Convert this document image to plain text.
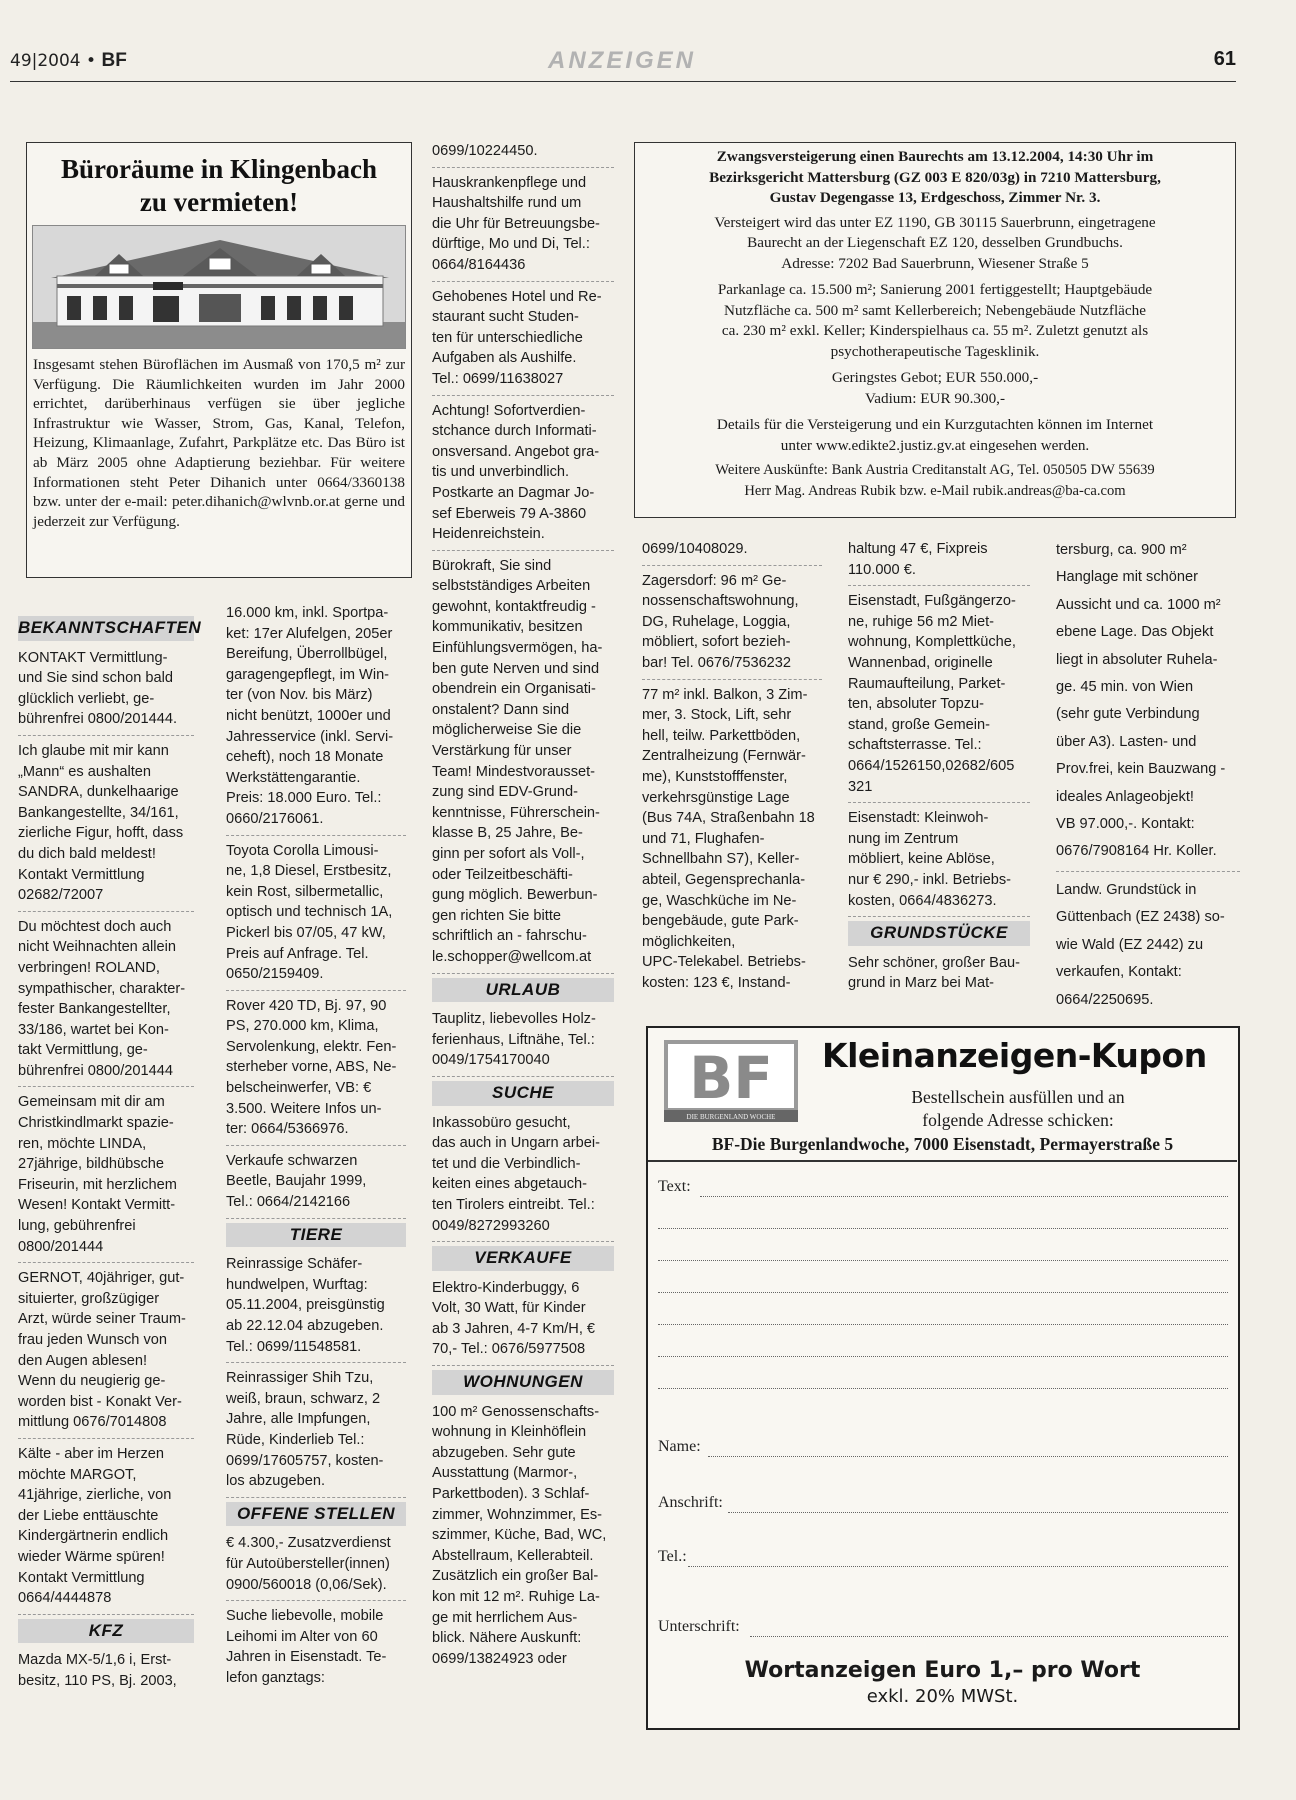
49|2004 • BF	ANZEIGEN	61
Büroräume in Klingenbach
zu vermieten!
Insgesamt stehen Büroflächen im Ausmaß von 170,5 m² zur Verfügung. Die Räumlichkeiten wurden im Jahr 2000 errichtet, darüberhinaus verfügen sie über jegliche Infrastruktur wie Wasser, Strom, Gas, Kanal, Telefon, Heizung, Klimaanlage, Zufahrt, Parkplätze etc. Das Büro ist ab März 2005 ohne Adaptierung beziehbar. Für weitere Informationen steht Peter Dihanich unter 0664/3360138 bzw. unter der e-mail: peter.dihanich@wlvnb.or.at gerne und jederzeit zur Verfügung.
BEKANNTSCHAFTEN
KONTAKT Vermittlung-
und Sie sind schon bald
glücklich verliebt, ge-
bührenfrei 0800/201444.
Ich glaube mit mir kann
„Mann“ es aushalten
SANDRA, dunkelhaarige
Bankangestellte, 34/161,
zierliche Figur, hofft, dass
du dich bald meldest!
Kontakt Vermittlung
02682/72007
Du möchtest doch auch
nicht Weihnachten allein
verbringen! ROLAND,
sympathischer, charakter-
fester Bankangestellter,
33/186, wartet bei Kon-
takt Vermittlung, ge-
bührenfrei 0800/201444
Gemeinsam mit dir am
Christkindlmarkt spazie-
ren, möchte LINDA,
27jährige, bildhübsche
Friseurin, mit herzlichem
Wesen! Kontakt Vermitt-
lung, gebührenfrei
0800/201444
GERNOT, 40jähriger, gut-
situierter, großzügiger
Arzt, würde seiner Traum-
frau jeden Wunsch von
den Augen ablesen!
Wenn du neugierig ge-
worden bist - Konakt Ver-
mittlung 0676/7014808
Kälte - aber im Herzen
möchte MARGOT,
41jährige, zierliche, von
der Liebe enttäuschte
Kindergärtnerin endlich
wieder Wärme spüren!
Kontakt Vermittlung
0664/4444878
KFZ
Mazda MX-5/1,6 i, Erst-
besitz, 110 PS, Bj. 2003,
16.000 km, inkl. Sportpa-
ket: 17er Alufelgen, 205er
Bereifung, Überrollbügel,
garagengepflegt, im Win-
ter (von Nov. bis März)
nicht benützt, 1000er und
Jahresservice (inkl. Servi-
ceheft), noch 18 Monate
Werkstättengarantie.
Preis: 18.000 Euro. Tel.:
0660/2176061.
Toyota Corolla Limousi-
ne, 1,8 Diesel, Erstbesitz,
kein Rost, silbermetallic,
optisch und technisch 1A,
Pickerl bis 07/05, 47 kW,
Preis auf Anfrage. Tel.
0650/2159409.
Rover 420 TD, Bj. 97, 90
PS, 270.000 km, Klima,
Servolenkung, elektr. Fen-
sterheber vorne, ABS, Ne-
belscheinwerfer, VB: €
3.500. Weitere Infos un-
ter: 0664/5366976.
Verkaufe schwarzen
Beetle, Baujahr 1999,
Tel.: 0664/2142166
TIERE
Reinrassige Schäfer-
hundwelpen, Wurftag:
05.11.2004, preisgünstig
ab 22.12.04 abzugeben.
Tel.: 0699/11548581.
Reinrassiger Shih Tzu,
weiß, braun, schwarz, 2
Jahre, alle Impfungen,
Rüde, Kinderlieb Tel.:
0699/17605757, kosten-
los abzugeben.
OFFENE STELLEN
€ 4.300,- Zusatzverdienst
für Autoübersteller(innen)
0900/560018 (0,06/Sek).
Suche liebevolle, mobile
Leihomi im Alter von 60
Jahren in Eisenstadt. Te-
lefon ganztags:
0699/10224450.
Hauskrankenpflege und
Haushaltshilfe rund um
die Uhr für Betreuungsbe-
dürftige, Mo und Di, Tel.:
0664/8164436
Gehobenes Hotel und Re-
staurant sucht Studen-
ten für unterschiedliche
Aufgaben als Aushilfe.
Tel.: 0699/11638027
Achtung! Sofortverdien-
stchance durch Informati-
onsversand. Angebot gra-
tis und unverbindlich.
Postkarte an Dagmar Jo-
sef Eberweis 79 A-3860
Heidenreichstein.
Bürokraft, Sie sind
selbstständiges Arbeiten
gewohnt, kontaktfreudig -
kommunikativ, besitzen
Einfühlungsvermögen, ha-
ben gute Nerven und sind
obendrein ein Organisati-
onstalent? Dann sind
möglicherweise Sie die
Verstärkung für unser
Team! Mindestvorausset-
zung sind EDV-Grund-
kenntnisse, Führerschein-
klasse B, 25 Jahre, Be-
ginn per sofort als Voll-,
oder Teilzeitbeschäfti-
gung möglich. Bewerbun-
gen richten Sie bitte
schriftlich an - fahrschu-
le.schopper@wellcom.at
URLAUB
Tauplitz, liebevolles Holz-
ferienhaus, Liftnähe, Tel.:
0049/1754170040
SUCHE
Inkassobüro gesucht,
das auch in Ungarn arbei-
tet und die Verbindlich-
keiten eines abgetauch-
ten Tirolers eintreibt. Tel.:
0049/8272993260
VERKAUFE
Elektro-Kinderbuggy, 6
Volt, 30 Watt, für Kinder
ab 3 Jahren, 4-7 Km/H, €
70,- Tel.: 0676/5977508
WOHNUNGEN
100 m² Genossenschafts-
wohnung in Kleinhöflein
abzugeben. Sehr gute
Ausstattung (Marmor-,
Parkettboden). 3 Schlaf-
zimmer, Wohnzimmer, Es-
szimmer, Küche, Bad, WC,
Abstellraum, Kellerabteil.
Zusätzlich ein großer Bal-
kon mit 12 m². Ruhige La-
ge mit herrlichem Aus-
blick. Nähere Auskunft:
0699/13824923 oder
Zwangsversteigerung einen Baurechts am 13.12.2004, 14:30 Uhr im
Bezirksgericht Mattersburg (GZ 003 E 820/03g) in 7210 Mattersburg,
Gustav Degengasse 13, Erdgeschoss, Zimmer Nr. 3.

Versteigert wird das unter EZ 1190, GB 30115 Sauerbrunn, eingetragene
Baurecht an der Liegenschaft EZ 120, desselben Grundbuchs.
Adresse: 7202 Bad Sauerbrunn, Wiesener Straße 5

Parkanlage ca. 15.500 m²; Sanierung 2001 fertiggestellt; Hauptgebäude
Nutzfläche ca. 500 m² samt Kellerbereich; Nebengebäude Nutzfläche
ca. 230 m² exkl. Keller; Kinderspielhaus ca. 55 m². Zuletzt genutzt als
psychotherapeutische Tagesklinik.

Geringstes Gebot; EUR 550.000,-
Vadium: EUR 90.300,-

Details für die Versteigerung und ein Kurzgutachten können im Internet
unter www.edikte2.justiz.gv.at eingesehen werden.

Weitere Auskünfte: Bank Austria Creditanstalt AG, Tel. 050505 DW 55639
Herr Mag. Andreas Rubik bzw. e-Mail rubik.andreas@ba-ca.com

0699/10408029.
Zagersdorf: 96 m² Ge-
nossenschaftswohnung,
DG, Ruhelage, Loggia,
möbliert, sofort bezieh-
bar! Tel. 0676/7536232
77 m² inkl. Balkon, 3 Zim-
mer, 3. Stock, Lift, sehr
hell, teilw. Parkettböden,
Zentralheizung (Fernwär-
me), Kunststofffenster,
verkehrsgünstige Lage
(Bus 74A, Straßenbahn 18
und 71, Flughafen-
Schnellbahn S7), Keller-
abteil, Gegensprechanla-
ge, Waschküche im Ne-
bengebäude, gute Park-
möglichkeiten,
UPC-Telekabel. Betriebs-
kosten: 123 €, Instand-
haltung 47 €, Fixpreis
110.000 €.
Eisenstadt, Fußgängerzo-
ne, ruhige 56 m2 Miet-
wohnung, Komplettküche,
Wannenbad, originelle
Raumaufteilung, Parket-
ten, absoluter Topzu-
stand, große Gemein-
schaftsterrasse. Tel.:
0664/1526150,02682/605
321
Eisenstadt: Kleinwoh-
nung im Zentrum
möbliert, keine Ablöse,
nur € 290,- inkl. Betriebs-
kosten, 0664/4836273.
GRUNDSTÜCKE
Sehr schöner, großer Bau-
grund in Marz bei Mat-
tersburg, ca. 900 m²
Hanglage mit schöner
Aussicht und ca. 1000 m²
ebene Lage. Das Objekt
liegt in absoluter Ruhela-
ge. 45 min. von Wien
(sehr gute Verbindung
über A3). Lasten- und
Prov.frei, kein Bauzwang -
ideales Anlageobjekt!
VB 97.000,-. Kontakt:
0676/7908164 Hr. Koller.
Landw. Grundstück in
Güttenbach (EZ 2438) so-
wie Wald (EZ 2442) zu
verkaufen, Kontakt:
0664/2250695.
BF
DIE BURGENLAND WOCHE
Kleinanzeigen-Kupon
Bestellschein ausfüllen und an
folgende Adresse schicken:
BF-Die Burgenlandwoche, 7000 Eisenstadt, Permayerstraße 5
Text:
Name:
Anschrift:
Tel.:
Unterschrift:
Wortanzeigen Euro 1,– pro Wort
exkl. 20% MWSt.
